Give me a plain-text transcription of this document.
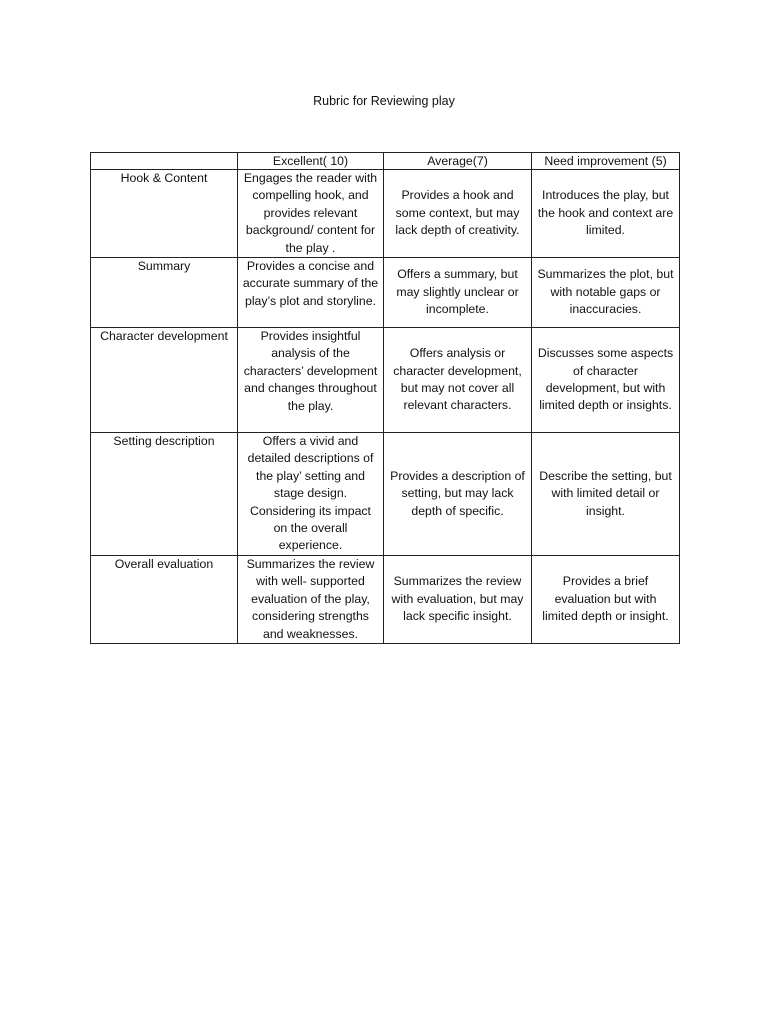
Rubric for Reviewing play
	Excellent( 10)	Average(7)	Need improvement (5)
Hook & Content	Engages the reader with compelling hook, and provides relevant background/ content for the play .	Provides a hook and some context, but may lack depth of creativity.	Introduces the play, but the hook and context are limited.
Summary	Provides a concise and accurate summary of the play’s plot and storyline.	Offers a summary, but may slightly unclear or incomplete.	Summarizes the plot, but with notable gaps or inaccuracies.
Character development	Provides insightful analysis of the characters’ development and changes throughout the play.	Offers analysis or character development, but may not cover all relevant characters.	Discusses some aspects of character development, but with limited depth or insights.
Setting description	Offers a vivid and detailed descriptions of the play’ setting and stage design. Considering its impact on the overall experience.	Provides a description of setting, but may lack depth of specific.	Describe the setting, but with limited detail or insight.
Overall evaluation	Summarizes the review with well- supported evaluation of the play, considering strengths and weaknesses.	Summarizes the review with evaluation, but may lack specific insight.	Provides a brief evaluation but with limited depth or insight.
